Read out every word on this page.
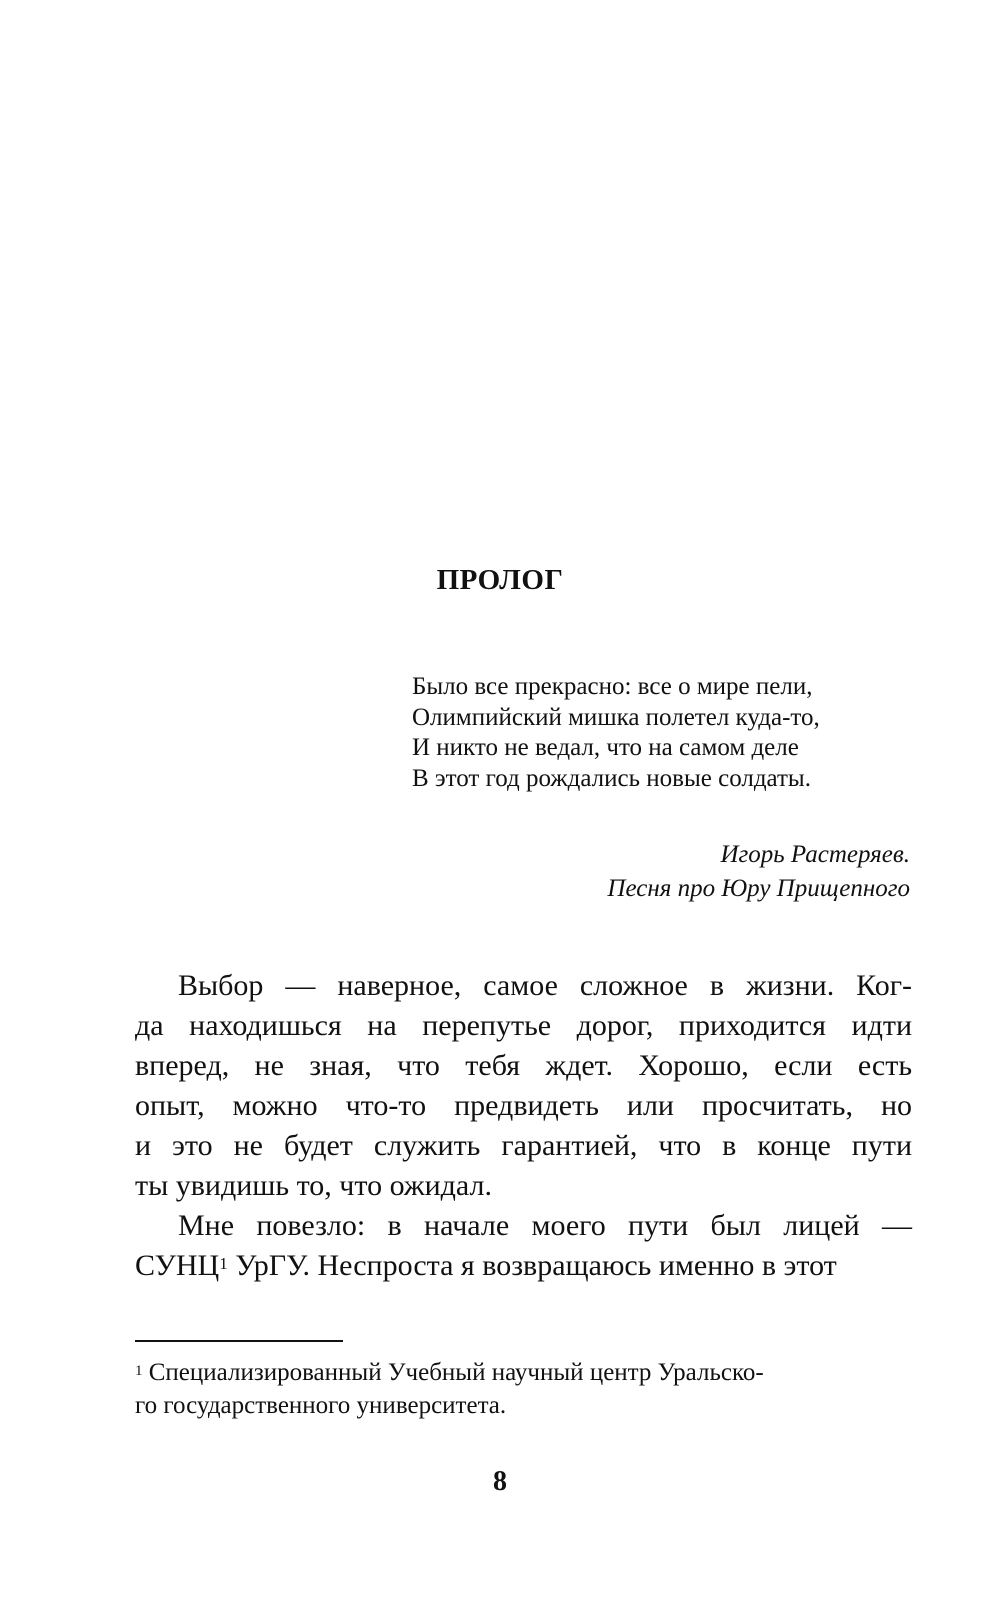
ПРОЛОГ
Было все прекрасно: все о мире пели,
Олимпийский мишка полетел куда-то,
И никто не ведал, что на самом деле
В этот год рождались новые солдаты.
Игорь Растеряев.
Песня про Юру Прищепного
Выбор — наверное, самое сложное в жизни. Ког-
да находишься на перепутье дорог, приходится идти
вперед, не зная, что тебя ждет. Хорошо, если есть
опыт, можно что-то предвидеть или просчитать, но
и это не будет служить гарантией, что в конце пути
ты увидишь то, что ожидал.
Мне повезло: в начале моего пути был лицей —
СУНЦ$^1$ УрГУ. Неспроста я возвращаюсь именно в этот
$^1$ Специализированный Учебный научный центр Уральско-
го государственного университета.
8
